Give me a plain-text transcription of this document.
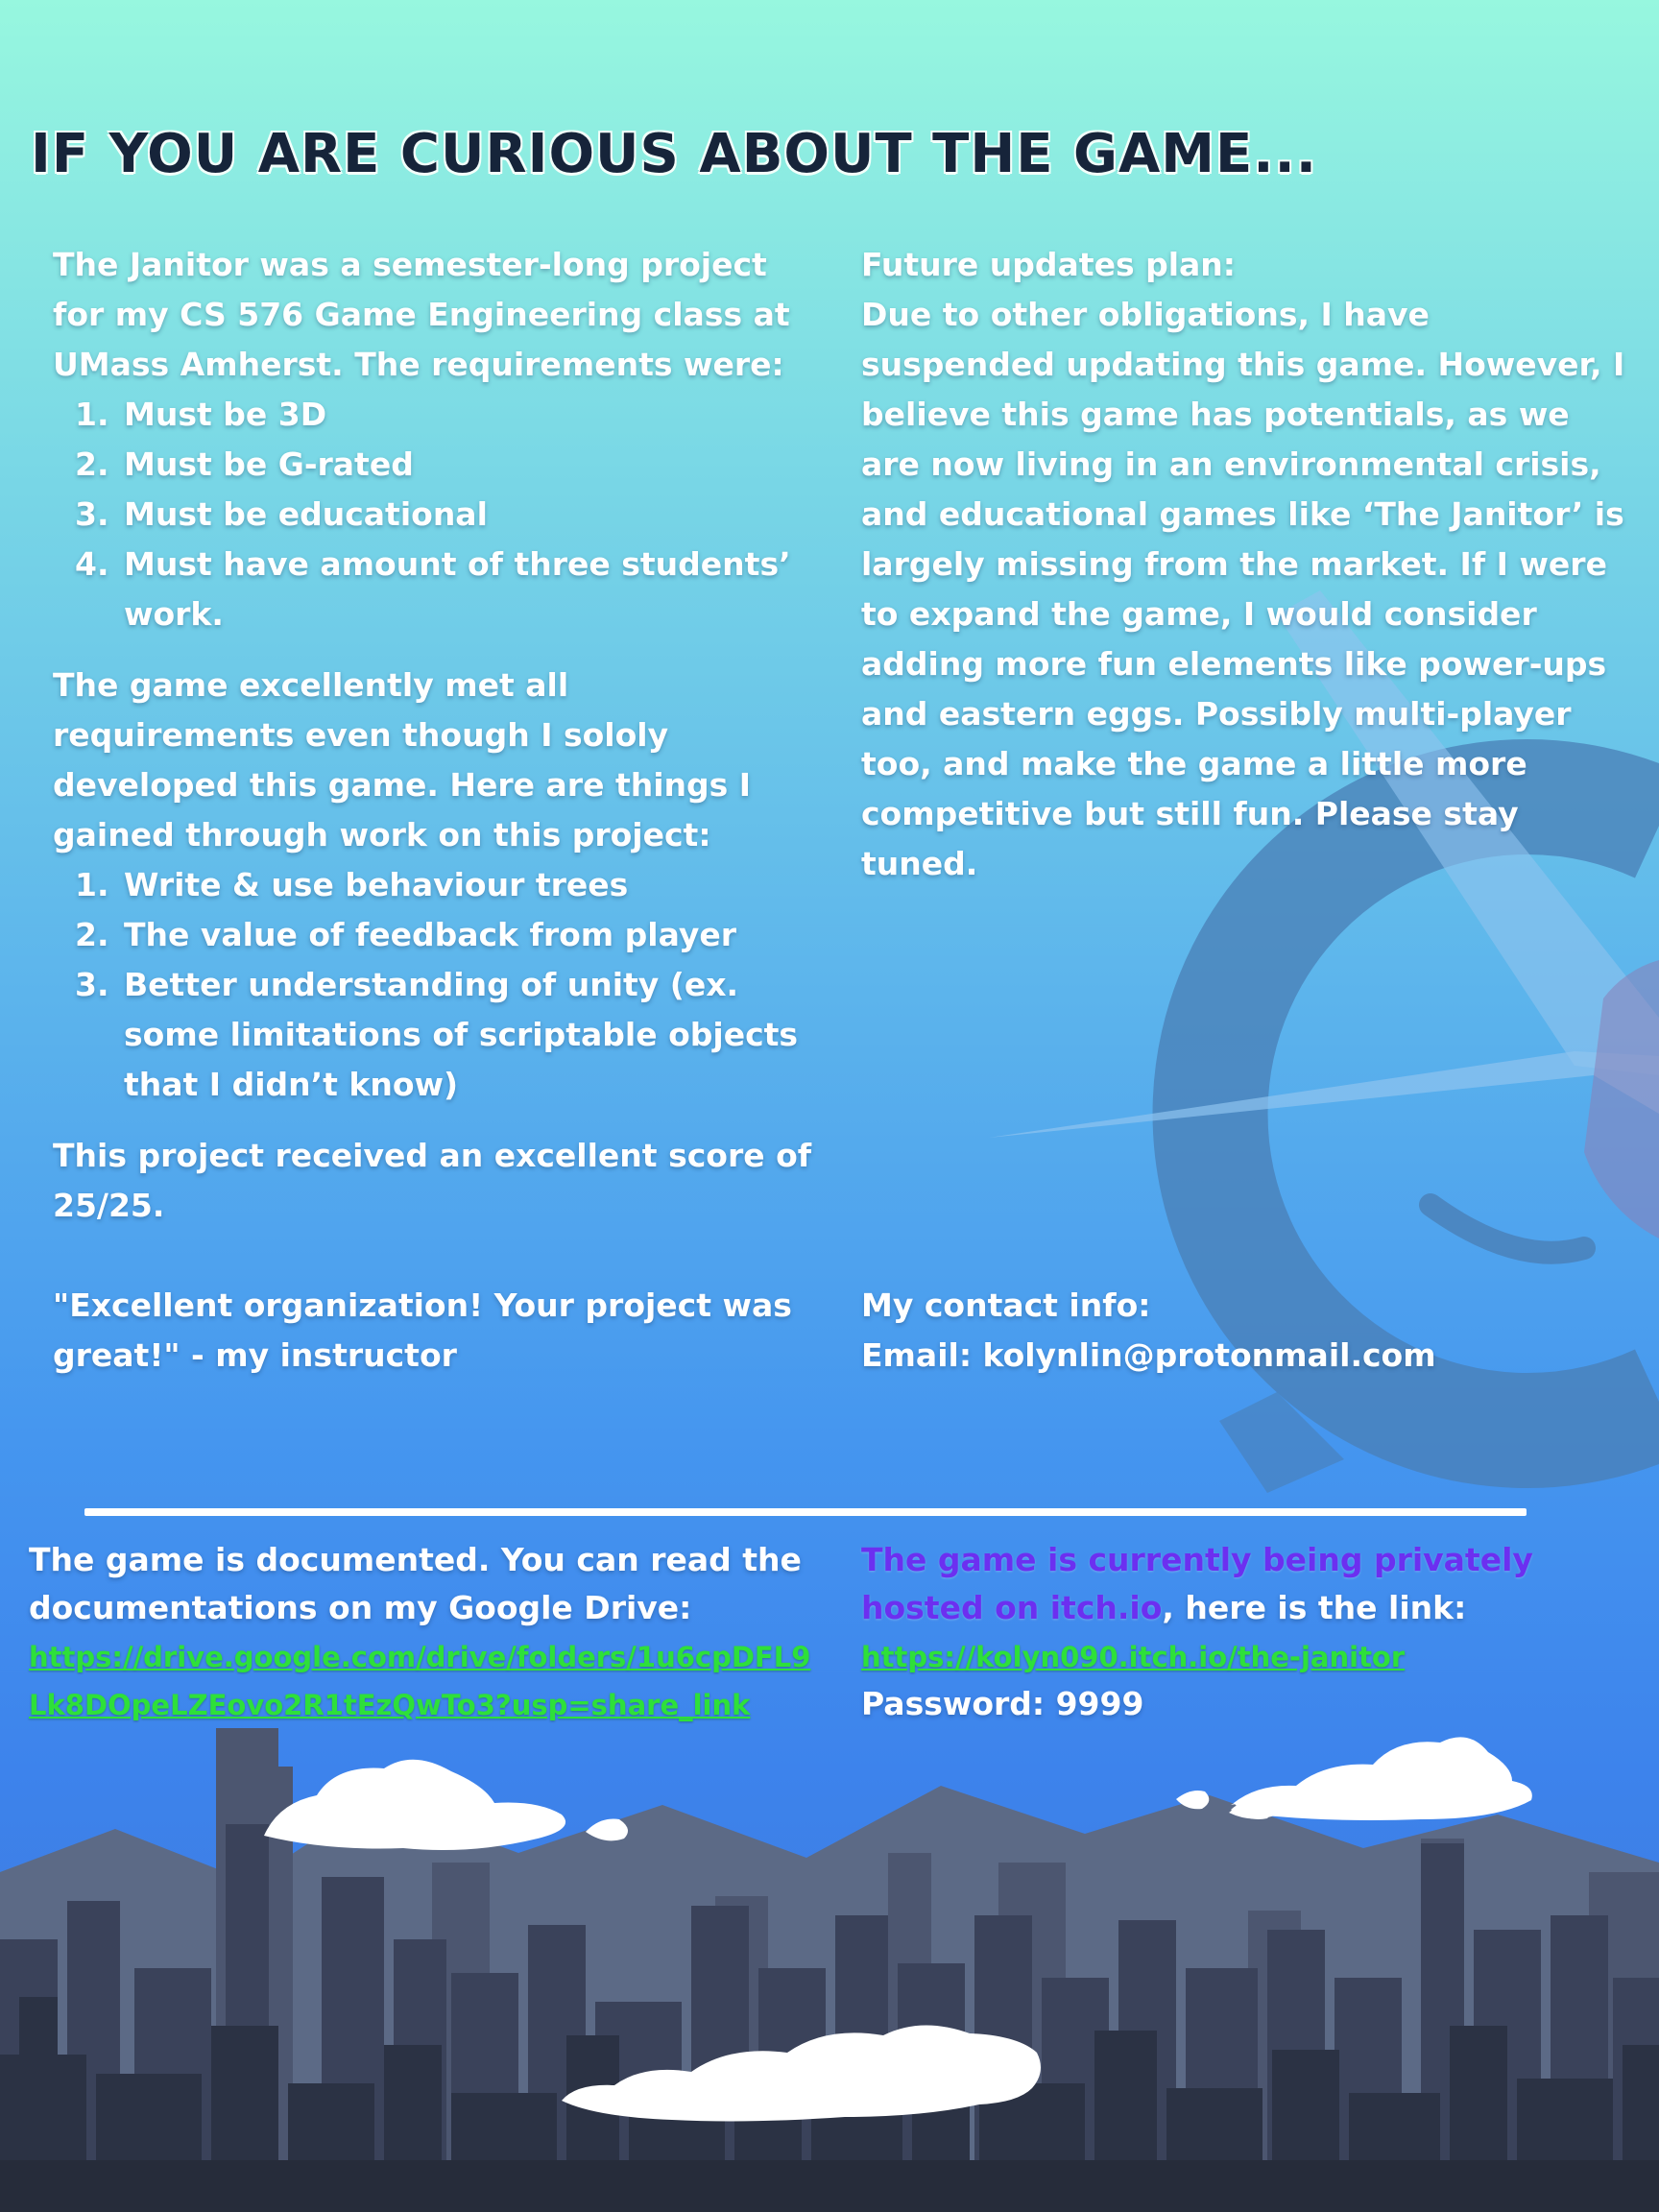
IF YOU ARE CURIOUS ABOUT THE GAME...

The Janitor was a semester-long project for my CS 576 Game Engineering class at UMass Amherst. The requirements were:

1. Must be 3D
2. Must be G-rated
3. Must be educational
4. Must have amount of three students’ work.

The game excellently met all requirements even though I sololy developed this game. Here are things I gained through work on this project:

1. Write & use behaviour trees
2. The value of feedback from player
3. Better understanding of unity (ex. some limitations of scriptable objects that I didn’t know)

This project received an excellent score of 25/25.

"Excellent organization! Your project was great!" - my instructor

Future updates plan:

Due to other obligations, I have suspended updating this game. However, I believe this game has potentials, as we are now living in an environmental crisis, and educational games like ‘The Janitor’ is largely missing from the market. If I were to expand the game, I would consider adding more fun elements like power-ups and eastern eggs. Possibly multi-player too, and make the game a little more competitive but still fun. Please stay tuned.

My contact info:

Email: kolynlin@protonmail.com

The game is documented. You can read the documentations on my Google Drive:
https://drive.google.com/drive/folders/1u6cpDFL9Lk8DOpeLZEovo2R1tEzQwTo3?usp=share_link
The game is currently being privately hosted on itch.io, here is the link:
https://kolyn090.itch.io/the-janitor
Password: 9999
